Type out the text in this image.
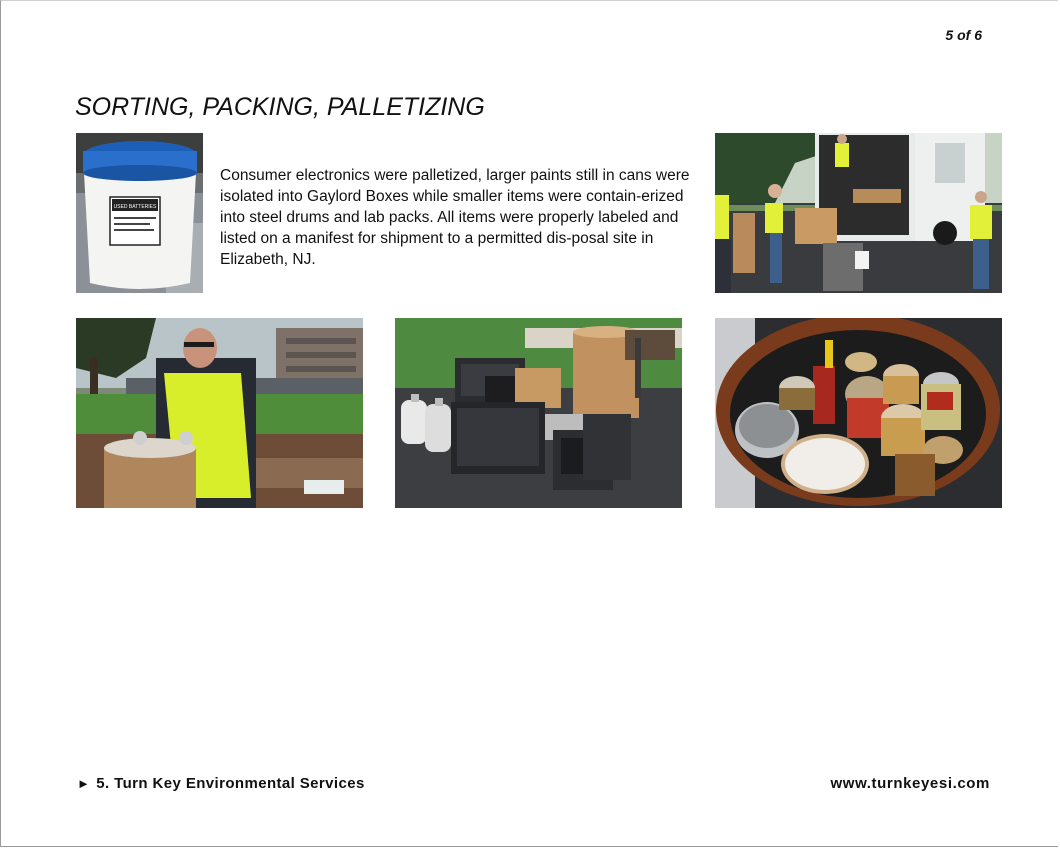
5 of 6
SORTING, PACKING, PALLETIZING
USED BATTERIES

Consumer electronics were palletized, larger paints still in cans were isolated into Gaylord Boxes while smaller items were contain-erized into steel drums and lab packs. All items were properly labeled and listed on a manifest for shipment to a permitted dis-posal site in Elizabeth, NJ.

► 5. Turn Key Environmental Services	www.turnkeyesi.com
